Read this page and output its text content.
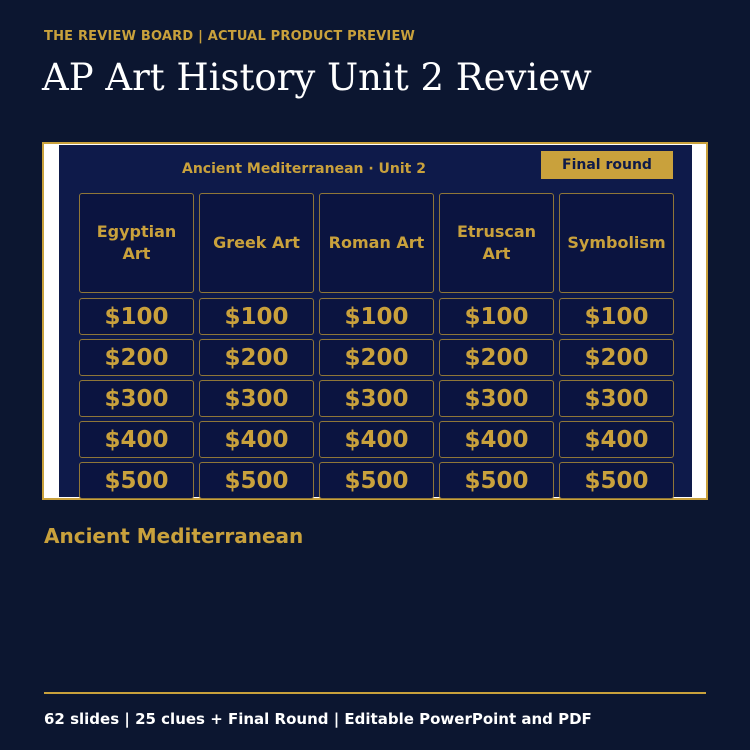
THE REVIEW BOARD | ACTUAL PRODUCT PREVIEW
AP Art History Unit 2 Review
Ancient Mediterranean · Unit 2	Final round
Egyptian Art
$100
$200
$300
$400
$500
Greek Art
$100
$200
$300
$400
$500
Roman Art
$100
$200
$300
$400
$500
Etruscan Art
$100
$200
$300
$400
$500
Symbolism
$100
$200
$300
$400
$500
Ancient Mediterranean
62 slides | 25 clues + Final Round | Editable PowerPoint and PDF
